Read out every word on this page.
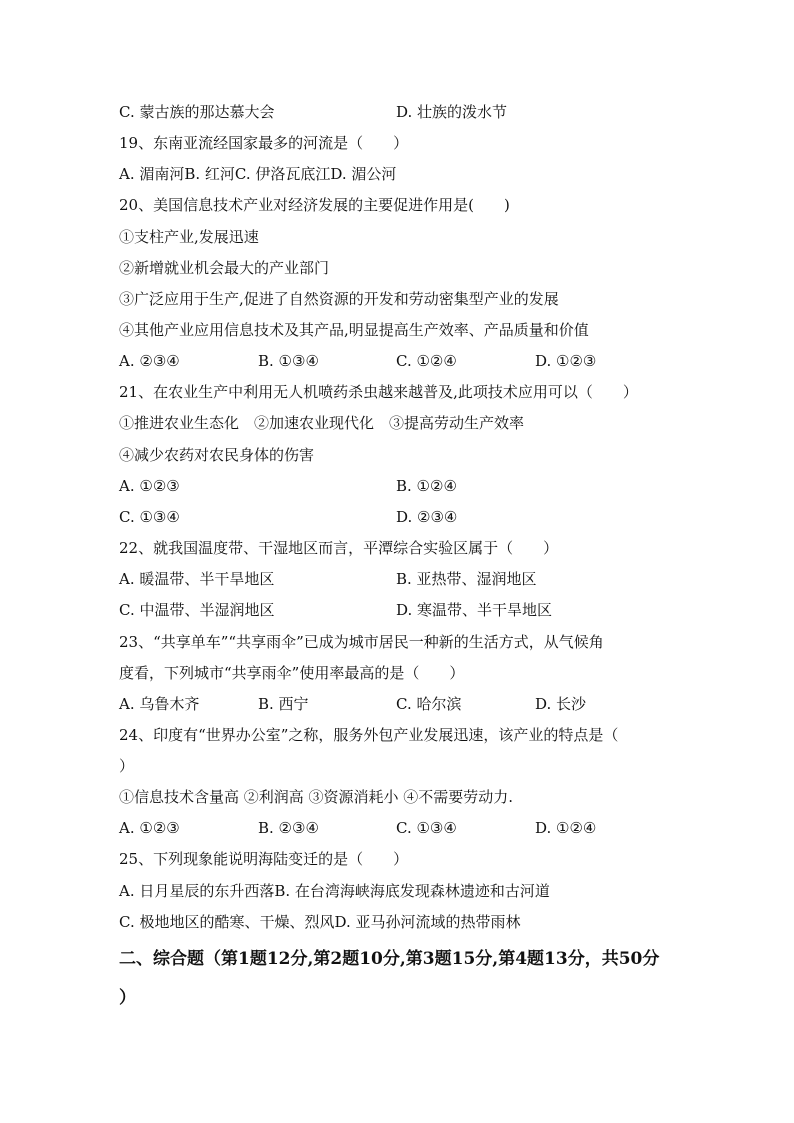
C. 蒙古族的那达慕大会	D. 壮族的泼水节
19、东南亚流经国家最多的河流是（　　）
A. 湄南河B. 红河C. 伊洛瓦底江D. 湄公河
20、美国信息技术产业对经济发展的主要促进作用是(　　)
①支柱产业,发展迅速
②新增就业机会最大的产业部门
③广泛应用于生产,促进了自然资源的开发和劳动密集型产业的发展
④其他产业应用信息技术及其产品,明显提高生产效率、产品质量和价值
A. ②③④	B. ①③④	C. ①②④	D. ①②③
21、在农业生产中利用无人机喷药杀虫越来越普及,此项技术应用可以（　　）
①推进农业生态化　②加速农业现代化　③提高劳动生产效率
④减少农药对农民身体的伤害
A. ①②③	B. ①②④
C. ①③④	D. ②③④
22、就我国温度带、干湿地区而言，平潭综合实验区属于（　　）
A. 暖温带、半干旱地区	B. 亚热带、湿润地区
C. 中温带、半湿润地区	D. 寒温带、半干旱地区
23、“共享单车”“共享雨伞”已成为城市居民一种新的生活方式，从气候角
度看，下列城市“共享雨伞”使用率最高的是（　　）
A. 乌鲁木齐	B. 西宁	C. 哈尔滨	D. 长沙
24、印度有“世界办公室”之称，服务外包产业发展迅速，该产业的特点是（
）
①信息技术含量高 ②利润高 ③资源消耗小 ④不需要劳动力.
A. ①②③	B. ②③④	C. ①③④	D. ①②④
25、下列现象能说明海陆变迁的是（　　）
A. 日月星辰的东升西落B. 在台湾海峡海底发现森林遗迹和古河道
C. 极地地区的酷寒、干燥、烈风D. 亚马孙河流域的热带雨林
二、综合题（第1题12分,第2题10分,第3题15分,第4题13分，共50分
）
